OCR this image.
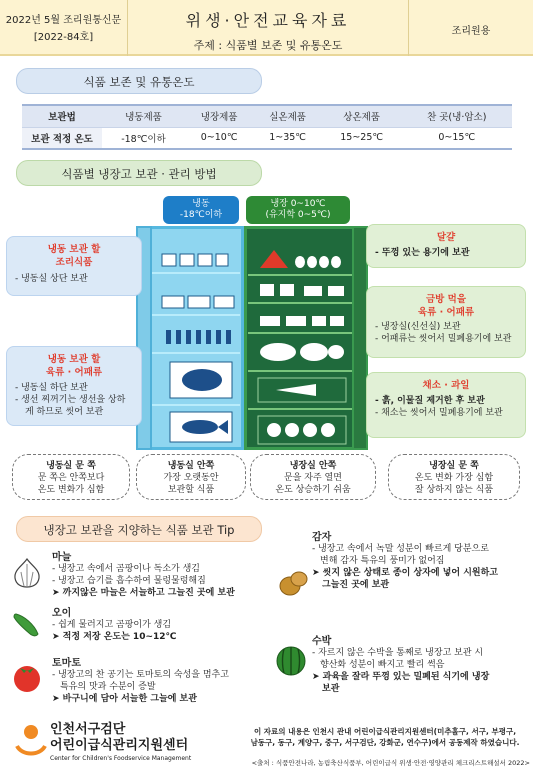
2022년 5월 조리원통신문
[2022-84호]
위생·안전교육자료
주제 : 식품별 보존 및 유통온도
조리원용
식품 보존 및 유통온도
보관법	냉동제품	냉장제품	실온제품	상온제품	찬 곳(냉·암소)
보관 적정 온도	-18℃이하	0~10℃	1~35℃	15~25℃	0~15℃
식품별 냉장고 보관 · 관리 방법
냉동
-18℃이하
냉장 0~10℃
(유지학 0~5℃)
냉동 보관 할
조리식품
- 냉동실 상단 보관
냉동 보관 할
육류 · 어패류
- 냉동실 하단 보관
- 생선 찌꺼기는 생선을 상하게 하므로 씻어 보관
달걀
- 뚜껑 있는 용기에 보관
금방 먹을
육류 · 어패류
- 냉장실(신선실) 보관
- 어패류는 씻어서 밀폐용기에 보관
채소 · 과일
- 흙, 이물질 제거한 후 보관
- 채소는 씻어서 밀폐용기에 보관
냉동실 문 쪽
문 쪽은 안쪽보다
온도 변화가 심함
냉동실 안쪽
가장 오랫동안
보관할 식품
냉장실 안쪽
문을 자주 열면
온도 상승하기 쉬움
냉장실 문 쪽
온도 변화 가장 심함
잘 상하지 않는 식품
냉장고 보관을 지양하는 식품 보관 Tip
마늘
- 냉장고 속에서 곰팡이나 독소가 생김
- 냉장고 습기를 흡수하여 물렁물렁해짐
➤ 까지않은 마늘은 서늘하고 그늘진 곳에 보관
오이
- 쉽게 물러지고 곰팡이가 생김
➤ 적정 저장 온도는 10~12℃
토마토
- 냉장고의 찬 공기는 토마토의 숙성을 멈추고
특유의 맛과 수분이 증발
➤ 바구니에 담아 서늘한 그늘에 보관
감자
- 냉장고 속에서 녹말 성분이 빠르게 당분으로
변해 감자 특유의 풍미가 없어짐
➤ 씻지 않은 상태로 종이 상자에 넣어 시원하고
그늘진 곳에 보관
수박
- 자르지 않은 수박을 통째로 냉장고 보관 시
향산화 성분이 빠지고 빨리 썩음
➤ 과육을 잘라 뚜껑 있는 밀폐된 식기에 냉장
보관
인천서구검단
어린이급식관리지원센터
Center for Children's Foodservice Management
이 자료의 내용은 인천시 관내 어린이급식관리지원센터(미추홀구, 서구, 부평구,
남동구, 동구, 계양구, 중구, 서구검단, 강화군, 연수구)에서 공동제작 하였습니다.
<출처 : 식품안전나라, 농림축산식품부, 어린이급식 위생·안전·영양관리 체크리스트해설서 2022>
